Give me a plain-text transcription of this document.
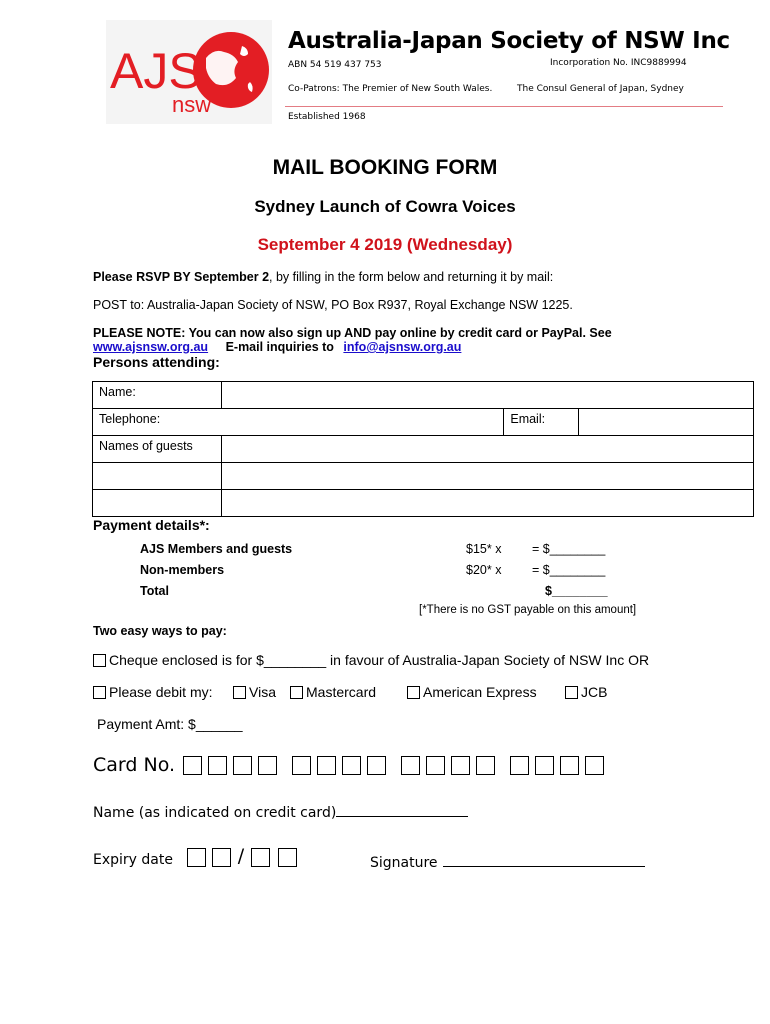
AJS
nsw
Australia-Japan Society of NSW Inc
ABN 54 519 437 753	Incorporation No. INC9889994
Co-Patrons: The Premier of New South Wales.	The Consul General of Japan, Sydney
Established 1968
MAIL BOOKING FORM
Sydney Launch of Cowra Voices
September 4 2019 (Wednesday)
Please RSVP BY September 2, by filling in the form below and returning it by mail:
POST to: Australia-Japan Society of NSW, PO Box R937, Royal Exchange NSW 1225.
PLEASE NOTE: You can now also sign up AND pay online by credit card or PayPal. See
www.ajsnsw.org.au E-mail inquiries to info@ajsnsw.org.au
Persons attending:
Name:			
Telephone:		Email:	
Names of guests			

Payment details*:
AJS Members and guests	$15* x = $________
Non-members	$20* x = $________
Total	$________
[*There is no GST payable on this amount]
Two easy ways to pay:
Cheque enclosed is for $________ in favour of Australia-Japan Society of NSW Inc OR
Please debit my:	Visa	Mastercard	American Express	JCB
Payment Amt: $______
Card No.

Name (as indicated on credit card)
Expiry date	/	Signature
